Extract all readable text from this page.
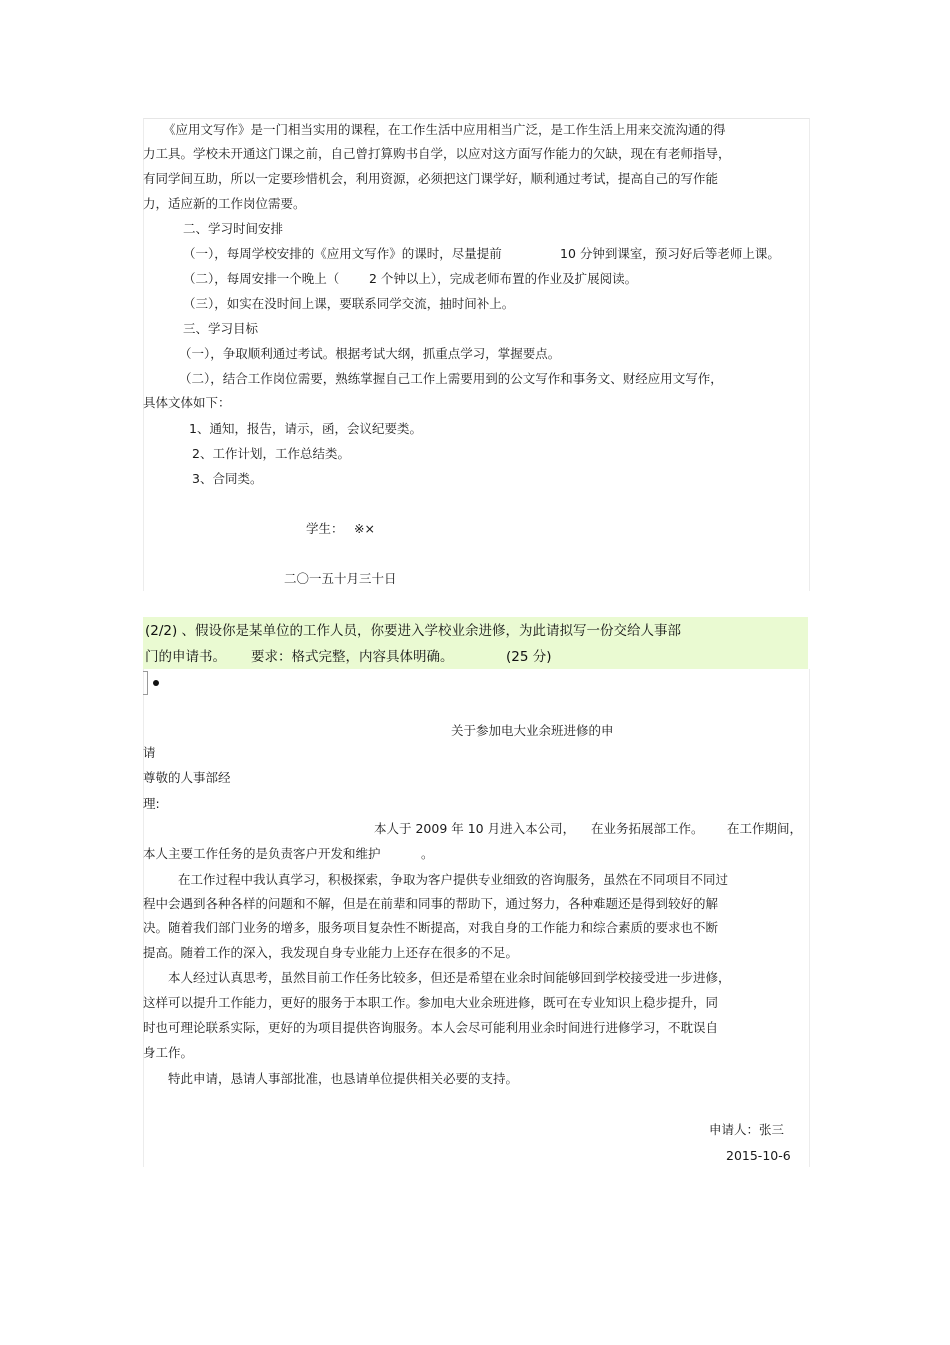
《应用文写作》是一门相当实用的课程，在工作生活中应用相当广泛，是工作生活上用来交流沟通的得
力工具。学校未开通这门课之前，自己曾打算购书自学，以应对这方面写作能力的欠缺，现在有老师指导，
有同学间互助，所以一定要珍惜机会，利用资源，必须把这门课学好，顺利通过考试，提高自己的写作能
力，适应新的工作岗位需要。
二、学习时间安排
（一），每周学校安排的《应用文写作》的课时，尽量提前	10 分钟到课室，预习好后等老师上课。
（二），每周安排一个晚上（ 2 个钟以上），完成老师布置的作业及扩展阅读。
（三），如实在没时间上课，要联系同学交流，抽时间补上。
三、学习目标
（一），争取顺利通过考试。根据考试大纲，抓重点学习，掌握要点。
（二），结合工作岗位需要，熟练掌握自己工作上需要用到的公文写作和事务文、财经应用文写作，
具体文体如下：
1、通知，报告，请示，函，会议纪要类。
2、工作计划，工作总结类。
3、合同类。
学生： ※×
二〇一五十月三十日
(2/2) 、假设你是某单位的工作人员，你要进入学校业余进修，为此请拟写一份交给人事部
门的申请书。 要求：格式完整，内容具体明确。	(25 分)
关于参加电大业余班进修的申
请
尊敬的人事部经
理:
本人于 2009 年 10 月进入本公司， 在业务拓展部工作。 在工作期间，
本人主要工作任务的是负责客户开发和维护	。
在工作过程中我认真学习，积极探索，争取为客户提供专业细致的咨询服务，虽然在不同项目不同过
程中会遇到各种各样的问题和不解，但是在前辈和同事的帮助下，通过努力，各种难题还是得到较好的解
决。随着我们部门业务的增多，服务项目复杂性不断提高，对我自身的工作能力和综合素质的要求也不断
提高。随着工作的深入，我发现自身专业能力上还存在很多的不足。
本人经过认真思考，虽然目前工作任务比较多，但还是希望在业余时间能够回到学校接受进一步进修，
这样可以提升工作能力，更好的服务于本职工作。参加电大业余班进修，既可在专业知识上稳步提升，同
时也可理论联系实际，更好的为项目提供咨询服务。本人会尽可能利用业余时间进行进修学习，不耽误自
身工作。
特此申请，恳请人事部批准，也恳请单位提供相关必要的支持。
申请人：张三
2015-10-6
